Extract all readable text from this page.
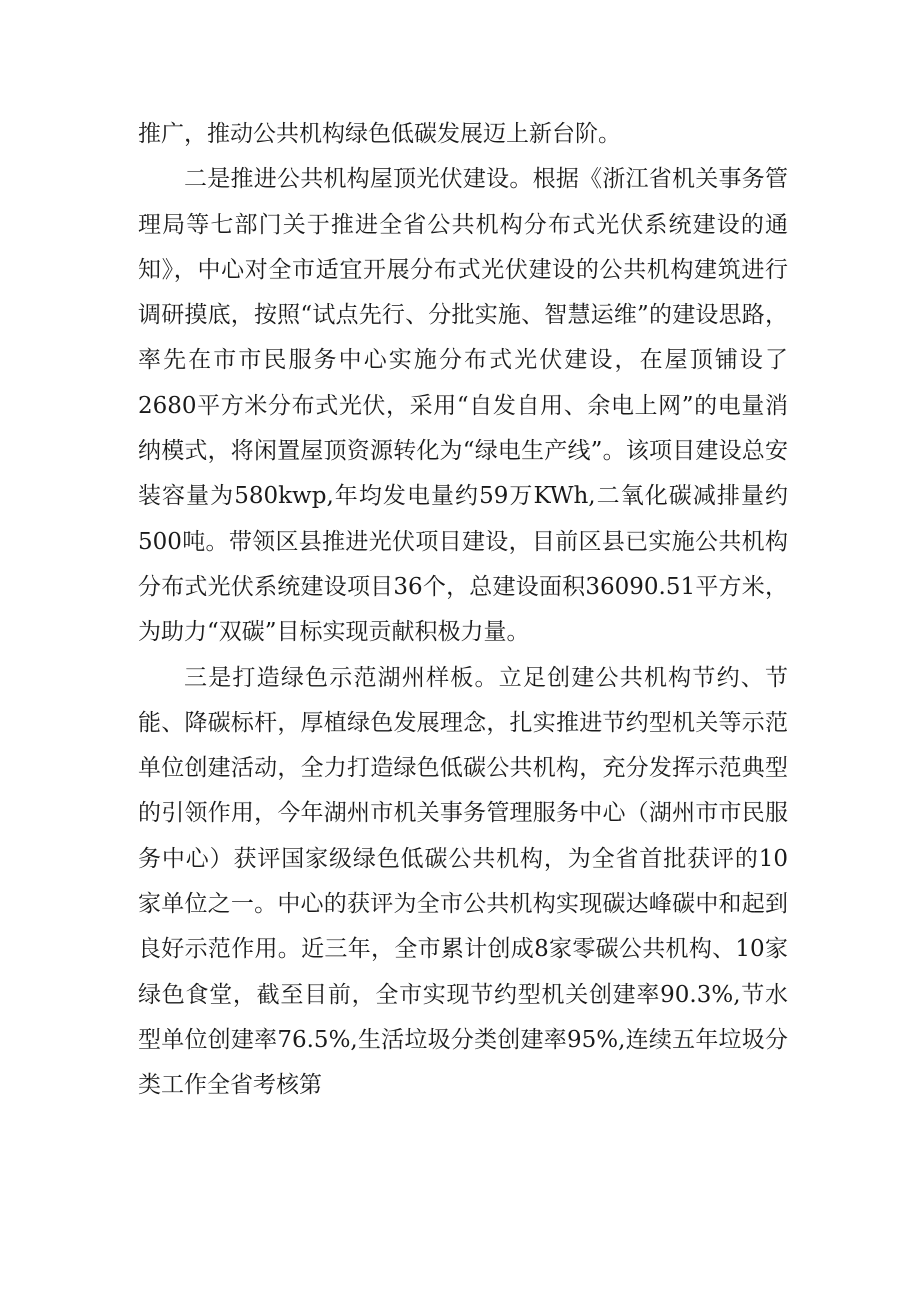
推广，推动公共机构绿色低碳发展迈上新台阶。

二是推进公共机构屋顶光伏建设。根据《浙江省机关事务管理局等七部门关于推进全省公共机构分布式光伏系统建设的通知》，中心对全市适宜开展分布式光伏建设的公共机构建筑进行调研摸底，按照“试点先行、分批实施、智慧运维”的建设思路，率先在市市民服务中心实施分布式光伏建设，在屋顶铺设了2680平方米分布式光伏，采用“自发自用、余电上网”的电量消纳模式，将闲置屋顶资源转化为“绿电生产线”。该项目建设总安装容量为580kwp,年均发电量约59万KWh,二氧化碳减排量约500吨。带领区县推进光伏项目建设，目前区县已实施公共机构分布式光伏系统建设项目36个，总建设面积36090.51平方米，为助力“双碳”目标实现贡献积极力量。

三是打造绿色示范湖州样板。立足创建公共机构节约、节能、降碳标杆，厚植绿色发展理念，扎实推进节约型机关等示范单位创建活动，全力打造绿色低碳公共机构，充分发挥示范典型的引领作用，今年湖州市机关事务管理服务中心（湖州市市民服务中心）获评国家级绿色低碳公共机构，为全省首批获评的10家单位之一。中心的获评为全市公共机构实现碳达峰碳中和起到良好示范作用。近三年，全市累计创成8家零碳公共机构、10家绿色食堂，截至目前，全市实现节约型机关创建率90.3%,节水型单位创建率76.5%,生活垃圾分类创建率95%,连续五年垃圾分类工作全省考核第
